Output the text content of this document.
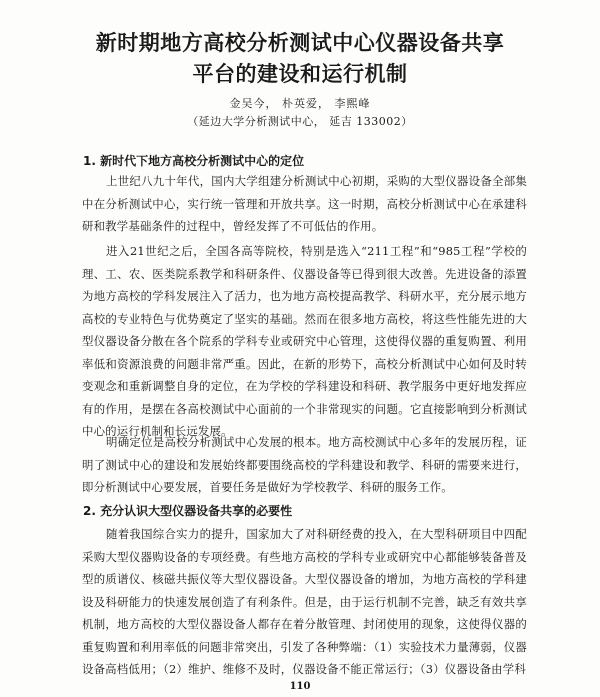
新时期地方高校分析测试中心仪器设备共享
平台的建设和运行机制
金吴今， 朴英爱， 李熙峰
（延边大学分析测试中心， 延吉 133002）
1. 新时代下地方高校分析测试中心的定位

上世纪八九十年代，国内大学组建分析测试中心初期，采购的大型仪器设备全部集中在分析测试中心，实行统一管理和开放共享。这一时期，高校分析测试中心在承建科研和教学基础条件的过程中，曾经发挥了不可低估的作用。

进入21世纪之后，全国各高等院校，特别是选入“211工程”和“985工程”学校的理、工、农、医类院系教学和科研条件、仪器设备等已得到很大改善。先进设备的添置为地方高校的学科发展注入了活力，也为地方高校提高教学、科研水平，充分展示地方高校的专业特色与优势奠定了坚实的基础。然而在很多地方高校，将这些性能先进的大型仪器设备分散在各个院系的学科专业或研究中心管理，这使得仪器的重复购置、利用率低和资源浪费的问题非常严重。因此，在新的形势下，高校分析测试中心如何及时转变观念和重新调整自身的定位，在为学校的学科建设和科研、教学服务中更好地发挥应有的作用，是摆在各高校测试中心面前的一个非常现实的问题。它直接影响到分析测试中心的运行机制和长远发展。

明确定位是高校分析测试中心发展的根本。地方高校测试中心多年的发展历程，证明了测试中心的建设和发展始终都要围绕高校的学科建设和教学、科研的需要来进行，即分析测试中心要发展，首要任务是做好为学校教学、科研的服务工作。

2. 充分认识大型仪器设备共享的必要性

随着我国综合实力的提升，国家加大了对科研经费的投入，在大型科研项目中四配采购大型仪器购设备的专项经费。有些地方高校的学科专业或研究中心都能够装备普及型的质谱仪、核磁共振仪等大型仪器设备。大型仪器设备的增加，为地方高校的学科建设及科研能力的快速发展创造了有利条件。但是，由于运行机制不完善，缺乏有效共享机制，地方高校的大型仪器设备人都存在着分散管理、封闭使用的现象，这使得仪器的重复购置和利用率低的问题非常突出，引发了各种弊端：（1）实验技术力量薄弱，仪器设备高档低用；（2）维护、维修不及时，仪器设备不能正常运行；（3）仪器设备由学科

110
